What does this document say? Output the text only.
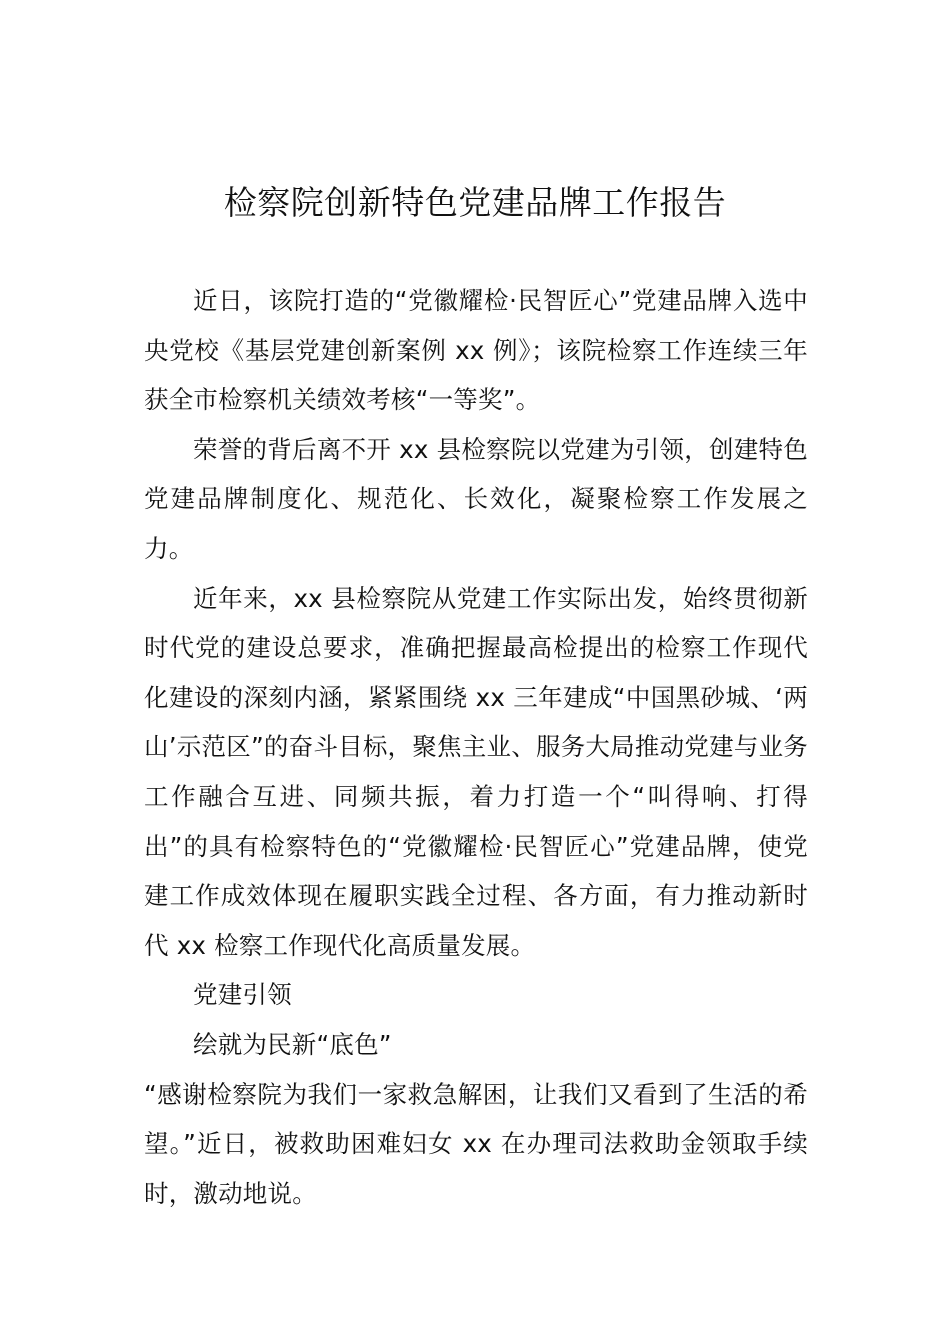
检察院创新特色党建品牌工作报告

近日，该院打造的“党徽耀检·民智匠心”党建品牌入选中央党校《基层党建创新案例 xx 例》；该院检察工作连续三年获全市检察机关绩效考核“一等奖”。

荣誉的背后离不开 xx 县检察院以党建为引领，创建特色党建品牌制度化、规范化、长效化，凝聚检察工作发展之力。

近年来，xx 县检察院从党建工作实际出发，始终贯彻新时代党的建设总要求，准确把握最高检提出的检察工作现代化建设的深刻内涵，紧紧围绕 xx 三年建成“中国黑砂城、‘两山’示范区”的奋斗目标，聚焦主业、服务大局推动党建与业务工作融合互进、同频共振，着力打造一个“叫得响、打得出”的具有检察特色的“党徽耀检·民智匠心”党建品牌，使党建工作成效体现在履职实践全过程、各方面，有力推动新时代 xx 检察工作现代化高质量发展。

党建引领

绘就为民新“底色”

“感谢检察院为我们一家救急解困，让我们又看到了生活的希望。”近日，被救助困难妇女 xx 在办理司法救助金领取手续时，激动地说。
